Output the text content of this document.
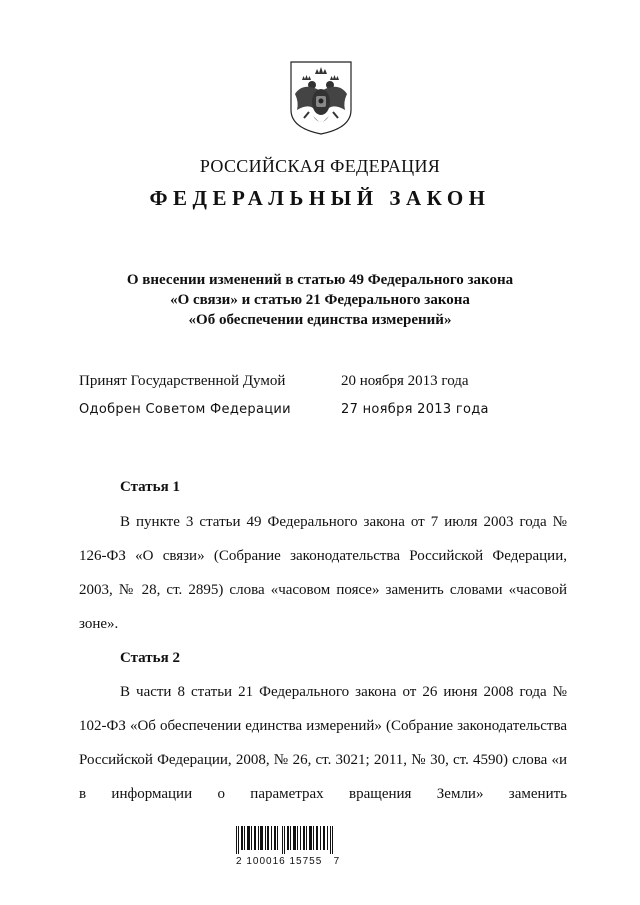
РОССИЙСКАЯ ФЕДЕРАЦИЯ
ФЕДЕРАЛЬНЫЙ ЗАКОН
О внесении изменений в статью 49 Федерального закона
«О связи» и статью 21 Федерального закона
«Об обеспечении единства измерений»
Принят Государственной Думой	20 ноября 2013 года
Одобрен Советом Федерации	27 ноября 2013 года
Статья 1
В пункте 3 статьи 49 Федерального закона от 7 июля 2003 года № 126-ФЗ «О связи» (Собрание законодательства Российской Федерации, 2003, № 28, ст. 2895) слова «часовом поясе» заменить словами «часовой зоне».
Статья 2
В части 8 статьи 21 Федерального закона от 26 июня 2008 года № 102-ФЗ «Об обеспечении единства измерений» (Собрание законодательства Российской Федерации, 2008, № 26, ст. 3021; 2011, № 30, ст. 4590) слова «и в информации о параметрах вращения Земли» заменить
2 100016 15755   7
